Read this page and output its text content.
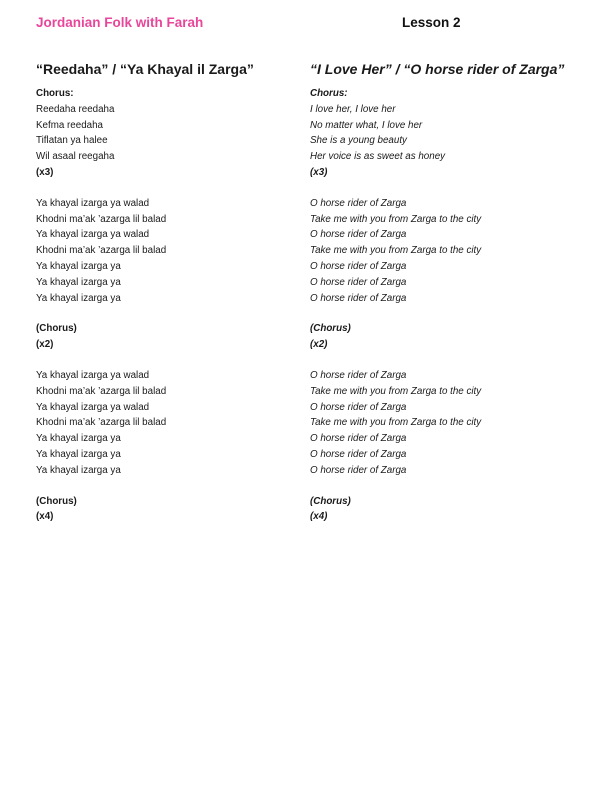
Jordanian Folk with Farah	Lesson 2
“Reedaha” / “Ya Khayal il Zarga”
Chorus:
Reedaha reedaha
Kefma reedaha
Tiflatan ya halee
Wil asaal reegaha
(x3)
Ya khayal izarga ya walad
Khodni ma’ak ’azarga lil balad
Ya khayal izarga ya walad
Khodni ma’ak ’azarga lil balad
Ya khayal izarga ya
Ya khayal izarga ya
Ya khayal izarga ya
(Chorus)
(x2)
Ya khayal izarga ya walad
Khodni ma’ak ’azarga lil balad
Ya khayal izarga ya walad
Khodni ma’ak ’azarga lil balad
Ya khayal izarga ya
Ya khayal izarga ya
Ya khayal izarga ya
(Chorus)
(x4)
“I Love Her” / “O horse rider of Zarga”
Chorus:
I love her, I love her
No matter what, I love her
She is a young beauty
Her voice is as sweet as honey
(x3)
O horse rider of Zarga
Take me with you from Zarga to the city
O horse rider of Zarga
Take me with you from Zarga to the city
O horse rider of Zarga
O horse rider of Zarga
O horse rider of Zarga
(Chorus)
(x2)
O horse rider of Zarga
Take me with you from Zarga to the city
O horse rider of Zarga
Take me with you from Zarga to the city
O horse rider of Zarga
O horse rider of Zarga
O horse rider of Zarga
(Chorus)
(x4)
